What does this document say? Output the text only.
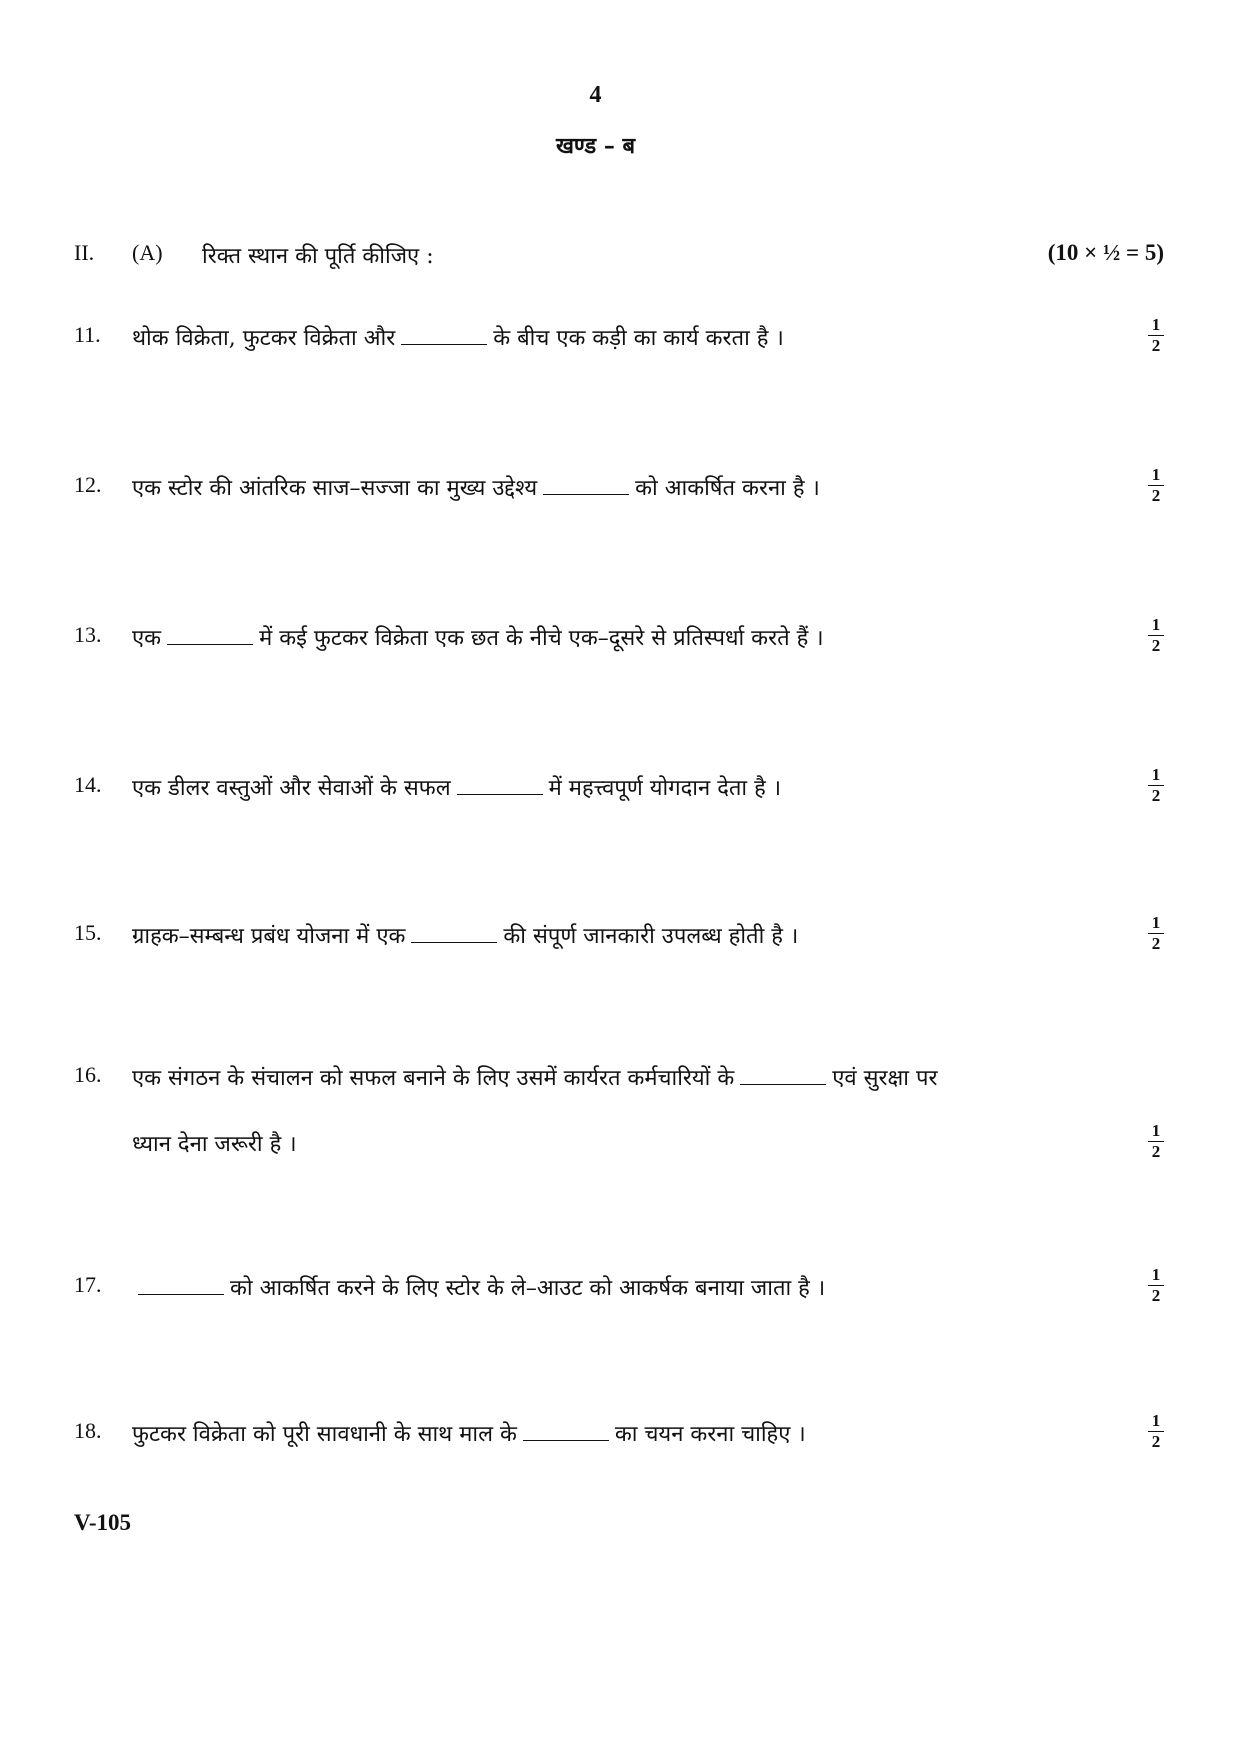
4
खण्ड – ब
II. (A) रिक्त स्थान की पूर्ति कीजिए :	(10 × ½ = 5)
11. थोक विक्रेता, फुटकर विक्रेता और	के बीच एक कड़ी का कार्य करता है ।	$\frac{1}{2}$
12. एक स्टोर की आंतरिक साज–सज्जा का मुख्य उद्देश्य	को आकर्षित करना है ।	$\frac{1}{2}$
13. एक	में कई फुटकर विक्रेता एक छत के नीचे एक–दूसरे से प्रतिस्पर्धा करते हैं ।	$\frac{1}{2}$
14. एक डीलर वस्तुओं और सेवाओं के सफल	में महत्त्वपूर्ण योगदान देता है ।	$\frac{1}{2}$
15. ग्राहक–सम्बन्ध प्रबंध योजना में एक	की संपूर्ण जानकारी उपलब्ध होती है ।	$\frac{1}{2}$
16. एक संगठन के संचालन को सफल बनाने के लिए उसमें कार्यरत कर्मचारियों के	एवं सुरक्षा पर
ध्यान देना जरूरी है ।	$\frac{1}{2}$
17.	को आकर्षित करने के लिए स्टोर के ले–आउट को आकर्षक बनाया जाता है ।	$\frac{1}{2}$
18. फुटकर विक्रेता को पूरी सावधानी के साथ माल के	का चयन करना चाहिए ।	$\frac{1}{2}$
V-105
